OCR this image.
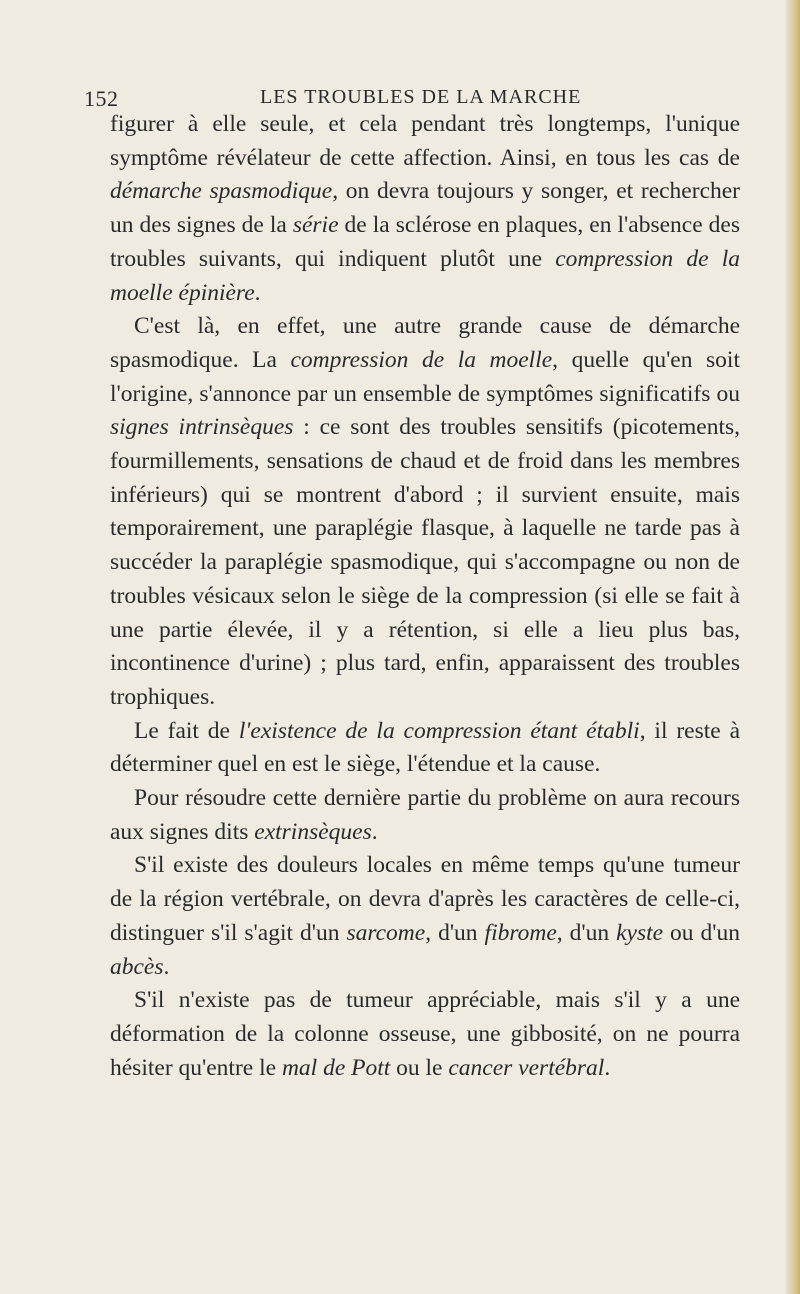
152	LES TROUBLES DE LA MARCHE

figurer à elle seule, et cela pendant très longtemps, l'unique symptôme révélateur de cette affection. Ainsi, en tous les cas de démarche spasmodique, on devra toujours y songer, et rechercher un des signes de la série de la sclérose en plaques, en l'absence des troubles suivants, qui indiquent plutôt une compression de la moelle épinière.

C'est là, en effet, une autre grande cause de démarche spasmodique. La compression de la moelle, quelle qu'en soit l'origine, s'annonce par un ensemble de symptômes significatifs ou signes intrinsèques : ce sont des troubles sensitifs (picotements, fourmillements, sensations de chaud et de froid dans les membres inférieurs) qui se montrent d'abord ; il survient ensuite, mais temporairement, une paraplégie flasque, à laquelle ne tarde pas à succéder la paraplégie spasmodique, qui s'accompagne ou non de troubles vésicaux selon le siège de la compression (si elle se fait à une partie élevée, il y a rétention, si elle a lieu plus bas, incontinence d'urine) ; plus tard, enfin, apparaissent des troubles trophiques.

Le fait de l'existence de la compression étant établi, il reste à déterminer quel en est le siège, l'étendue et la cause.

Pour résoudre cette dernière partie du problème on aura recours aux signes dits extrinsèques.

S'il existe des douleurs locales en même temps qu'une tumeur de la région vertébrale, on devra d'après les caractères de celle-ci, distinguer s'il s'agit d'un sarcome, d'un fibrome, d'un kyste ou d'un abcès.

S'il n'existe pas de tumeur appréciable, mais s'il y a une déformation de la colonne osseuse, une gibbosité, on ne pourra hésiter qu'entre le mal de Pott ou le cancer vertébral.
